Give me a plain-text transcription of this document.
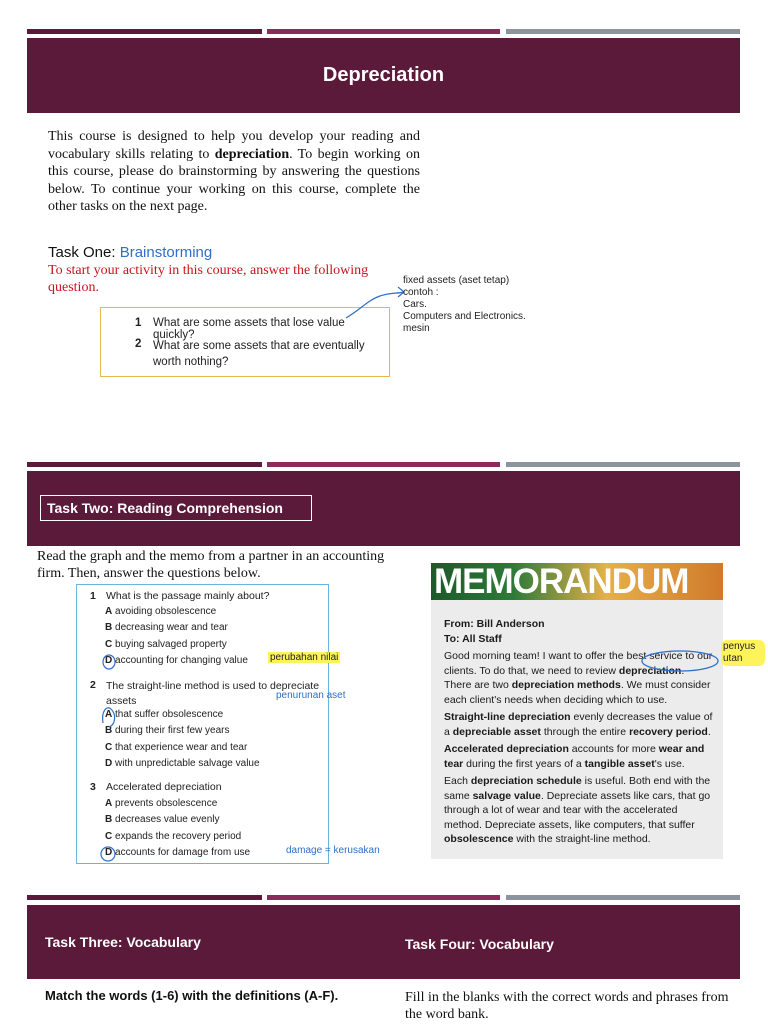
Depreciation
This course is designed to help you develop your reading and vocabulary skills relating to depreciation. To begin working on this course, please do brainstorming by answering the questions below. To continue your working on this course, complete the other tasks on the next page.
Task One: Brainstorming
To start your activity in this course, answer the following question.
1 What are some assets that lose value quickly?
2 What are some assets that are eventually worth nothing?
fixed assets (aset tetap)
contoh :
Cars.
Computers and Electronics.
mesin
Task Two: Reading Comprehension
Read the graph and the memo from a partner in an accounting firm. Then, answer the questions below.
1 What is the passage mainly about?
A avoiding obsolescence
B decreasing wear and tear
C buying salvaged property
D accounting for changing value
2 The straight-line method is used to depreciate assets
A that suffer obsolescence
B during their first few years
C that experience wear and tear
D with unpredictable salvage value
3 Accelerated depreciation
A prevents obsolescence
B decreases value evenly
C expands the recovery period
D accounts for damage from use
perubahan nilai
penurunan aset
damage = kerusakan
MEMORANDUM

From: Bill Anderson

To: All Staff

Good morning team! I want to offer the best service to our clients. To do that, we need to review depreciation. There are two depreciation methods. We must consider each client's needs when deciding which to use.

Straight-line depreciation evenly decreases the value of a depreciable asset through the entire recovery period.

Accelerated depreciation accounts for more wear and tear during the first years of a tangible asset's use.

Each depreciation schedule is useful. Both end with the same salvage value. Depreciate assets like cars, that go through a lot of wear and tear with the accelerated method. Depreciate assets, like computers, that suffer obsolescence with the straight-line method.

penyus
utan
Task Three: Vocabulary	Task Four: Vocabulary
Match the words (1-6) with the definitions (A-F).	Fill in the blanks with the correct words and phrases from the word bank.
